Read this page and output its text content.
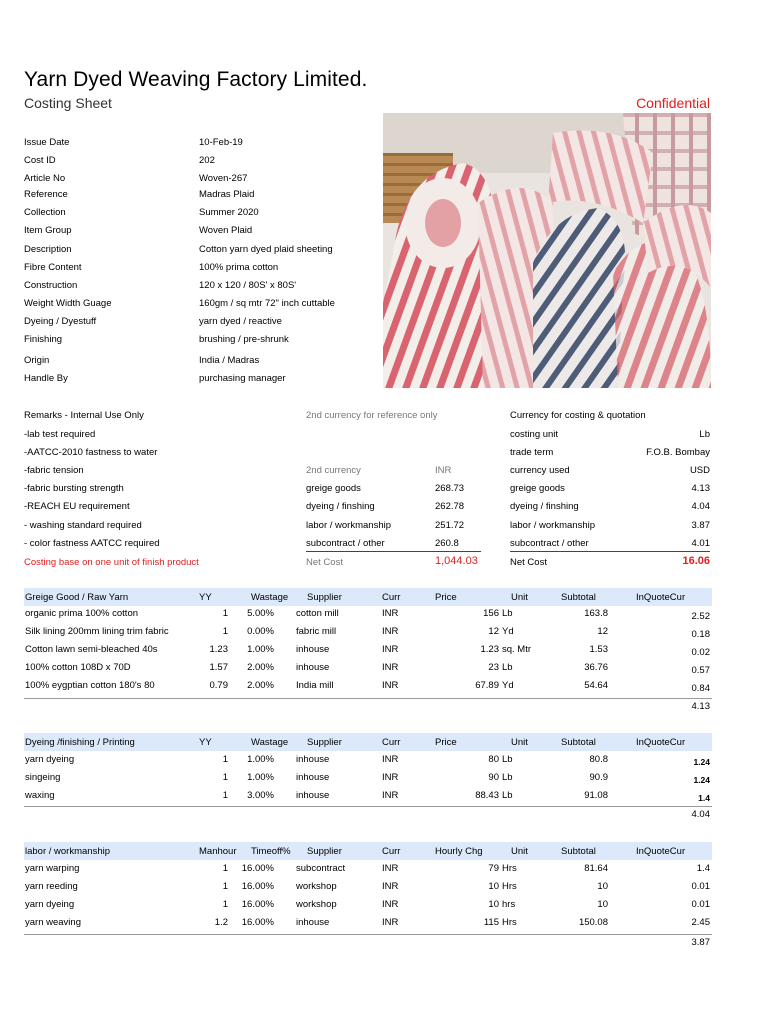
Yarn Dyed Weaving Factory Limited.
Costing Sheet	Confidential
Issue Date	10-Feb-19
Cost ID	202
Article No	Woven-267
Reference	Madras Plaid
Collection	Summer 2020
Item Group	Woven Plaid
Description	Cotton yarn dyed plaid sheeting
Fibre Content	100% prima cotton
Construction	120 x 120 / 80S' x 80S'
Weight Width Guage	160gm / sq mtr 72" inch cuttable
Dyeing / Dyestuff	yarn dyed / reactive
Finishing	brushing / pre-shrunk
Origin	India / Madras
Handle By	purchasing manager
Remarks - Internal Use Only
-lab test required
-AATCC-2010 fastness to water
-fabric tension
-fabric bursting strength
-REACH EU requirement
- washing standard required
- color fastness AATCC required
Costing base on one unit of finish product
2nd currency for reference only
2nd currency	INR
greige goods	268.73
dyeing / finshing	262.78
labor / workmanship	251.72
subcontract / other	260.8
Net Cost	1,044.03
Currency for costing & quotation
costing unit	Lb
trade term	F.O.B. Bombay
currency used	USD
greige goods	4.13
dyeing / finshing	4.04
labor / workmanship	3.87
subcontract / other	4.01
Net Cost	16.06
Greige Good / Raw Yarn	YY	Wastage Supplier	Curr	Price	Unit	Subtotal	InQuoteCur
organic prima 100% cotton	1 5.00% cotton mill	INR	156 Lb	163.8	2.52
Silk lining 200mm lining trim fabric	1 0.00% fabric mill	INR	12 Yd	12	0.18
Cotton lawn semi-bleached 40s	1.23 1.00% inhouse	INR	1.23 sq. Mtr	1.53	0.02
100% cotton 108D x 70D	1.57 2.00% inhouse	INR	23 Lb	36.76	0.57
100% eygptian cotton 180's 80	0.79 2.00% India mill	INR	67.89 Yd	54.64	0.84
4.13
Dyeing /finishing / Printing	YY	Wastage Supplier	Curr	Price	Unit	Subtotal	InQuoteCur
yarn dyeing	1 1.00% inhouse	INR	80 Lb	80.8	1.24
singeing	1 1.00% inhouse	INR	90 Lb	90.9	1.24
waxing	1 3.00% inhouse	INR	88.43 Lb	91.08	1.4
4.04
labor / workmanship	Manhour Timeoff% Supplier	Curr	Hourly Chg	Unit	Subtotal	InQuoteCur
yarn warping	1 16.00% subcontract	INR	79 Hrs	81.64	1.4
yarn reeding	1 16.00% workshop	INR	10 Hrs	10	0.01
yarn dyeing	1 16.00% workshop	INR	10 hrs	10	0.01
yarn weaving	1.2 16.00% inhouse	INR	115 Hrs	150.08	2.45
3.87
